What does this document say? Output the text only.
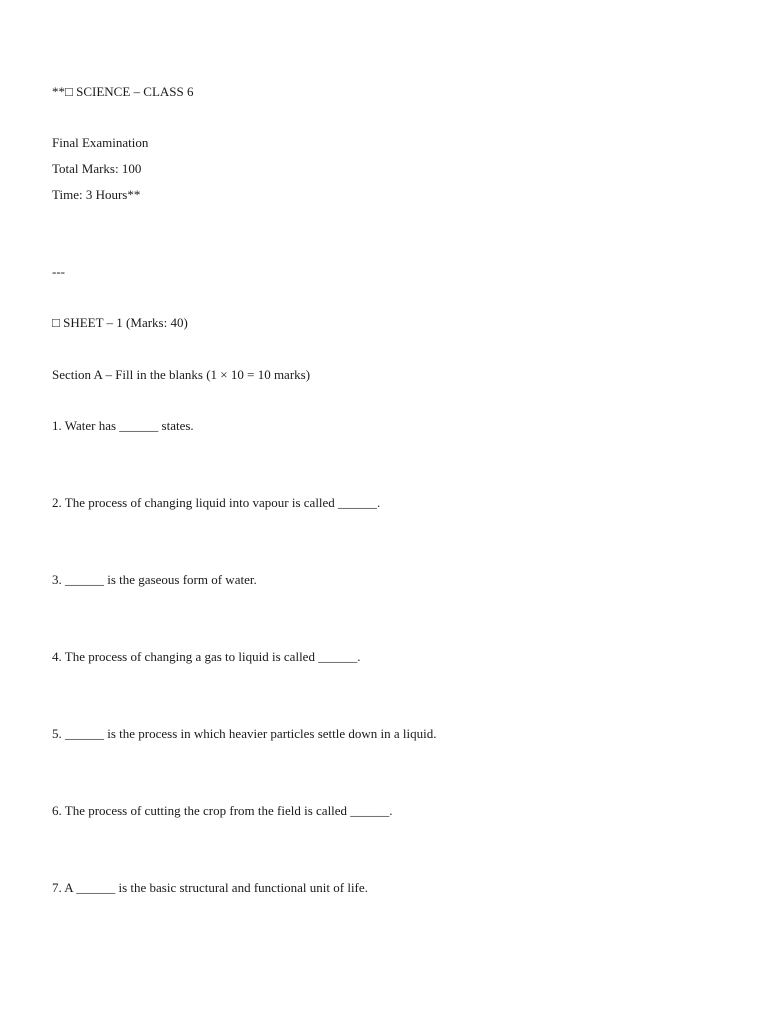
**□ SCIENCE – CLASS 6

Final Examination

Total Marks: 100

Time: 3 Hours**

---

□ SHEET – 1 (Marks: 40)

Section A – Fill in the blanks (1 × 10 = 10 marks)

1. Water has ______ states.

2. The process of changing liquid into vapour is called ______.

3. ______ is the gaseous form of water.

4. The process of changing a gas to liquid is called ______.

5. ______ is the process in which heavier particles settle down in a liquid.

6. The process of cutting the crop from the field is called ______.

7. A ______ is the basic structural and functional unit of life.
